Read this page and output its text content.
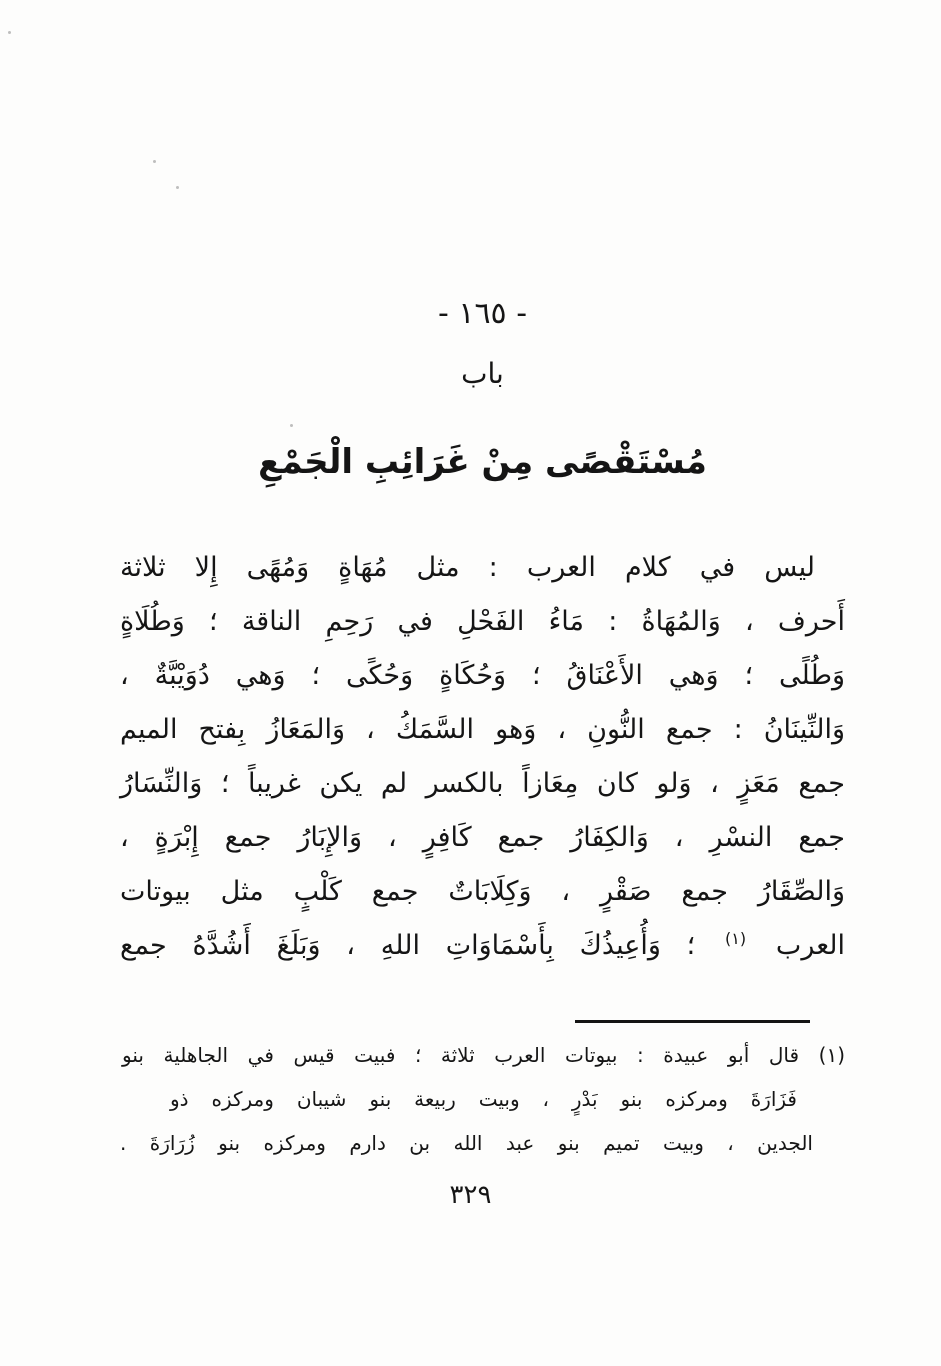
- ١٦٥ -
باب
مُسْتَقْصًى مِنْ غَرَائِبِ الْجَمْعِ
ليس في كلام العرب : مثل مُهَاةٍ وَمُهًى إِلا ثلاثة
أَحرف ، وَالمُهَاةُ : مَاءُ الفَحْلِ في رَحِمِ الناقة ؛ وَطُلَاةٍ
وَطُلًى ؛ وَهي الأَعْنَاقُ ؛ وَحُكَاةٍ وَحُكًى ؛ وَهي دُوَيْبَّةٌ ،
وَالنِّينَانُ : جمع النُّونِ ، وَهو السَّمَكُ ، وَالمَعَازُ بِفتح الميم
جمع مَعَزٍ ، وَلو كان مِعَازاً بالكسر لم يكن غريباً ؛ وَالنِّسَارُ
جمع النسْرِ ، وَالكِفَارُ جمع كَافِرٍ ، وَالإِبَارُ جمع إِبْرَةٍ ،
وَالصِّقَارُ جمع صَقْرٍ ، وَكِلَابَاتٌ جمع كَلْبٍ مثل بيوتات
العرب $^{(١)}$ ؛ وَأُعِيذُكَ بِأَسْمَاوَاتِ اللهِ ، وَبَلَغَ أَشُدَّهُ جمع
(١) قال أبو عبيدة : بيوتات العرب ثلاثة ؛ فبيت قيس في الجاهلية بنو
فَزَارَةَ ومركزه بنو بَدْرٍ ، وبيت ربيعة بنو شيبان ومركزه ذو
الجدين ، وبيت تميم بنو عبد الله بن دارم ومركزه بنو زُرَارَةَ .
٣٢٩
